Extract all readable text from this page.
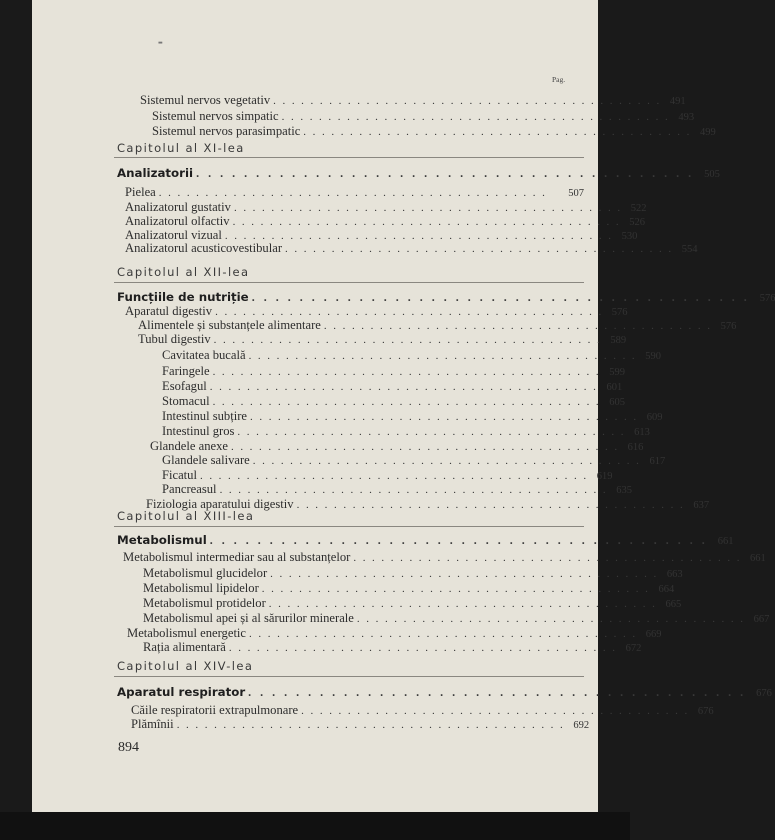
▬
Pag.
Capitolul al XI-lea
Capitolul al XII-lea
Capitolul al XIII-lea
Capitolul al XIV-lea
Sistemul nervos vegetativ .......................................... 491
Sistemul nervos simpatic .......................................... 493
Sistemul nervos parasimpatic .......................................... 499
Analizatorii .......................................... 505
Pielea ..........................................	507
Analizatorul gustativ .......................................... 522
Analizatorul olfactiv .......................................... 526
Analizatorul vizual .......................................... 530
Analizatorul acusticovestibular .......................................... 554
Funcțiile de nutriție .......................................... 576
Aparatul digestiv .......................................... 576
Alimentele și substanțele alimentare .......................................... 576
Tubul digestiv .......................................... 589
Cavitatea bucală .......................................... 590
Faringele .......................................... 599
Esofagul .......................................... 601
Stomacul .......................................... 605
Intestinul subțire .......................................... 609
Intestinul gros .......................................... 613
Glandele anexe .......................................... 616
Glandele salivare .......................................... 617
Ficatul .......................................... 619
Pancreasul .......................................... 635
Fiziologia aparatului digestiv .......................................... 637
Metabolismul .......................................... 661
Metabolismul intermediar sau al substanțelor .......................................... 661
Metabolismul glucidelor .......................................... 663
Metabolismul lipidelor .......................................... 664
Metabolismul protidelor .......................................... 665
Metabolismul apei și al sărurilor minerale .......................................... 667
Metabolismul energetic .......................................... 669
Rația alimentară .......................................... 672
Aparatul respirator .......................................... 676
Căile respiratorii extrapulmonare .......................................... 676
Plămînii .......................................... 692
894
